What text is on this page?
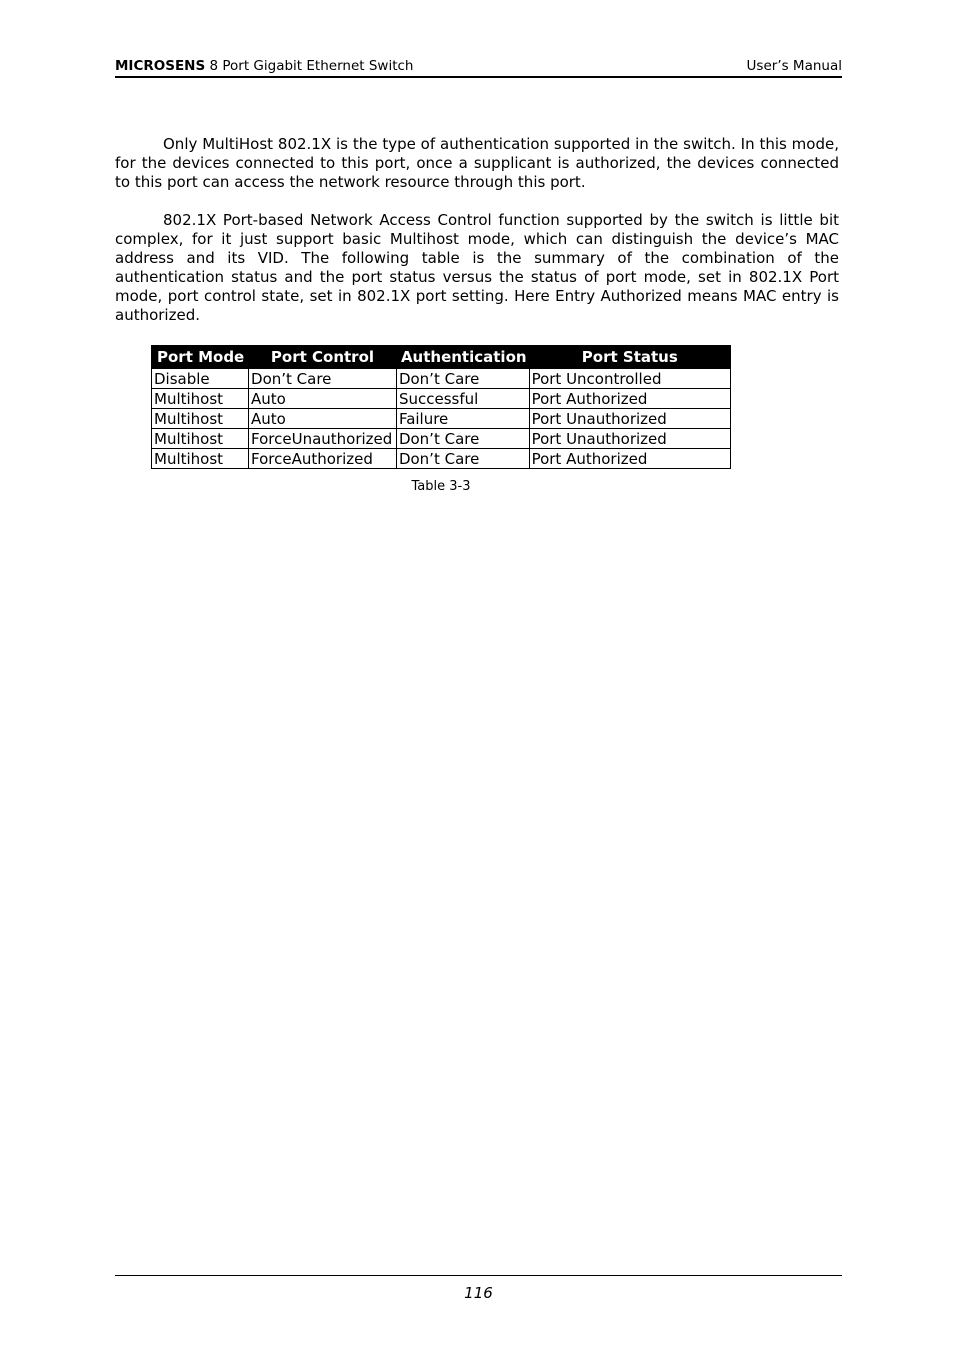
MICROSENS 8 Port Gigabit Ethernet Switch	User’s Manual

Only MultiHost 802.1X is the type of authentication supported in the switch. In this mode, for the devices connected to this port, once a supplicant is authorized, the devices connected to this port can access the network resource through this port.

802.1X Port-based Network Access Control function supported by the switch is little bit complex, for it just support basic Multihost mode, which can distinguish the device’s MAC address and its VID. The following table is the summary of the combination of the authentication status and the port status versus the status of port mode, set in 802.1X Port mode, port control state, set in 802.1X port setting. Here Entry Authorized means MAC entry is authorized.

Port Mode	Port Control	Authentication	Port Status
Disable	Don’t Care	Don’t Care	Port Uncontrolled
Multihost	Auto	Successful	Port Authorized
Multihost	Auto	Failure	Port Unauthorized
Multihost	ForceUnauthorized	Don’t Care	Port Unauthorized
Multihost	ForceAuthorized	Don’t Care	Port Authorized
Table 3-3
116
